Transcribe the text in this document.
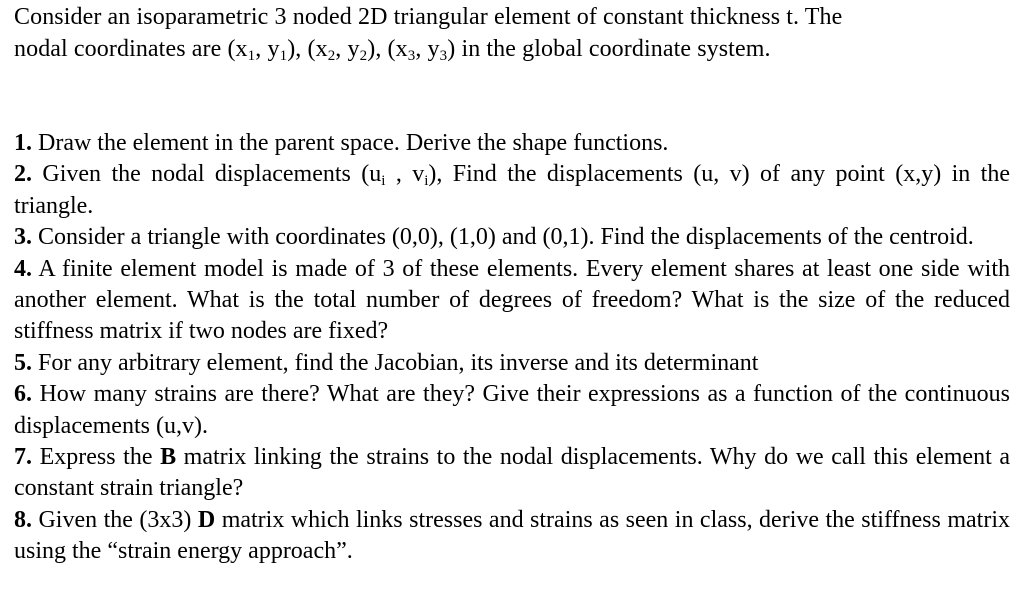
Consider an isoparametric 3 noded 2D triangular element of constant thickness t. The
nodal coordinates are ($x_1$, $y_1$), ($x_2$, $y_2$), ($x_3$, $y_3$) in the global coordinate system.

1. Draw the element in the parent space. Derive the shape functions.

2. Given the nodal displacements ($u_i$ , $v_i$), Find the displacements (u, v) of any point (x,y) in the triangle.

3. Consider a triangle with coordinates (0,0), (1,0) and (0,1). Find the displacements of the centroid.

4. A finite element model is made of 3 of these elements. Every element shares at least one side with another element. What is the total number of degrees of freedom? What is the size of the reduced stiffness matrix if two nodes are fixed?

5. For any arbitrary element, find the Jacobian, its inverse and its determinant

6. How many strains are there? What are they? Give their expressions as a function of the continuous displacements (u,v).

7. Express the B matrix linking the strains to the nodal displacements. Why do we call this element a constant strain triangle?

8. Given the (3x3) D matrix which links stresses and strains as seen in class, derive the stiffness matrix using the “strain energy approach”.
